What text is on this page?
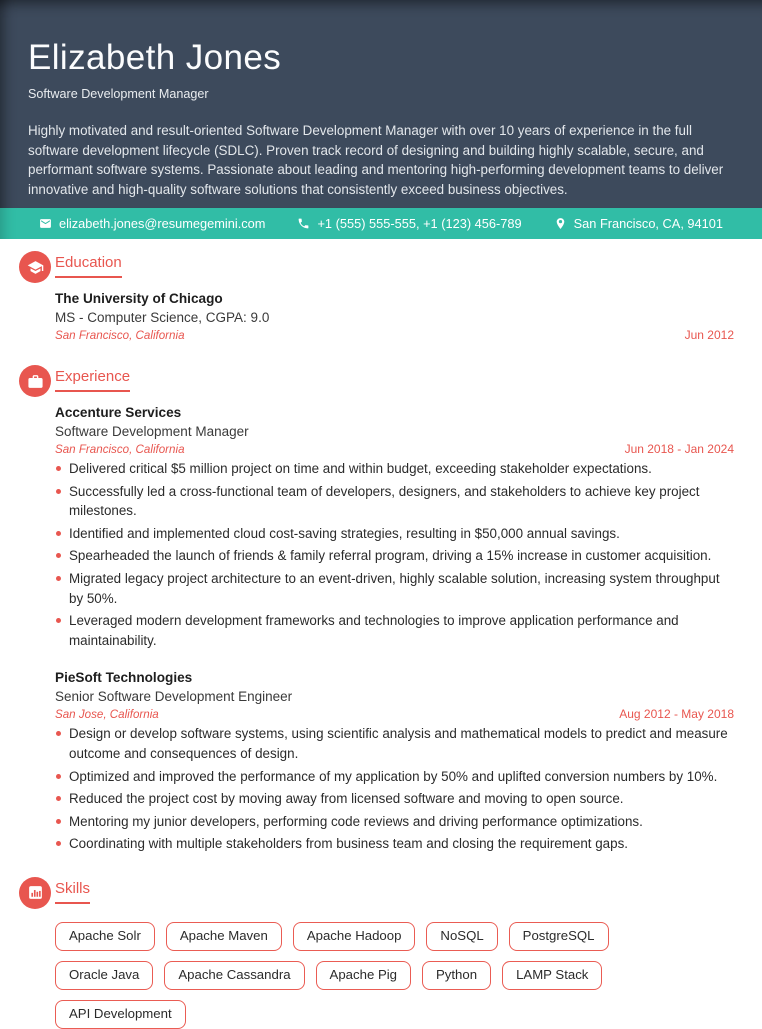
Elizabeth Jones
Software Development Manager

Highly motivated and result-oriented Software Development Manager with over 10 years of experience in the full software development lifecycle (SDLC). Proven track record of designing and building highly scalable, secure, and performant software systems. Passionate about leading and mentoring high-performing development teams to deliver innovative and high-quality software solutions that consistently exceed business objectives.

elizabeth.jones@resumegemini.com	+1 (555) 555-555, +1 (123) 456-789	San Francisco, CA, 94101
Education
The University of Chicago
MS - Computer Science, CGPA: 9.0
San Francisco, California	Jun 2012
Experience
Accenture Services
Software Development Manager
San Francisco, California	Jun 2018 - Jan 2024
Delivered critical $5 million project on time and within budget, exceeding stakeholder expectations.
Successfully led a cross-functional team of developers, designers, and stakeholders to achieve key project milestones.
Identified and implemented cloud cost-saving strategies, resulting in $50,000 annual savings.
Spearheaded the launch of friends & family referral program, driving a 15% increase in customer acquisition.
Migrated legacy project architecture to an event-driven, highly scalable solution, increasing system throughput by 50%.
Leveraged modern development frameworks and technologies to improve application performance and maintainability.
PieSoft Technologies
Senior Software Development Engineer
San Jose, California	Aug 2012 - May 2018
Design or develop software systems, using scientific analysis and mathematical models to predict and measure outcome and consequences of design.
Optimized and improved the performance of my application by 50% and uplifted conversion numbers by 10%.
Reduced the project cost by moving away from licensed software and moving to open source.
Mentoring my junior developers, performing code reviews and driving performance optimizations.
Coordinating with multiple stakeholders from business team and closing the requirement gaps.
Skills
Apache Solr	Apache Maven	Apache Hadoop	NoSQL	PostgreSQL
Oracle Java	Apache Cassandra	Apache Pig	Python	LAMP Stack
API Development
